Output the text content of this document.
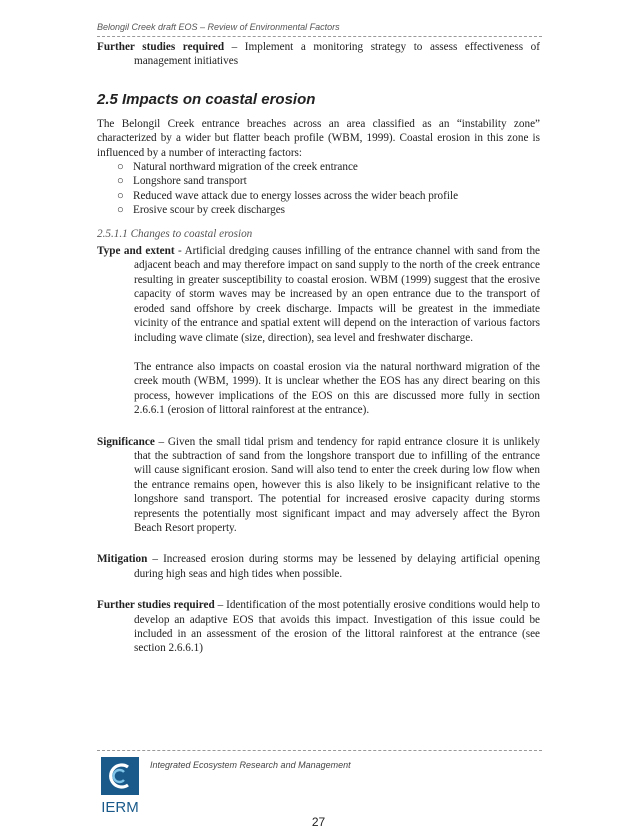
Belongil Creek draft EOS – Review of Environmental Factors

Further studies required – Implement a monitoring strategy to assess effectiveness of management initiatives

2.5 Impacts on coastal erosion

The Belongil Creek entrance breaches across an area classified as an “instability zone” characterized by a wider but flatter beach profile (WBM, 1999). Coastal erosion in this zone is influenced by a number of interacting factors:

○ Natural northward migration of the creek entrance
○ Longshore sand transport
○ Reduced wave attack due to energy losses across the wider beach profile
○ Erosive scour by creek discharges
2.5.1.1 Changes to coastal erosion

Type and extent - Artificial dredging causes infilling of the entrance channel with sand from the adjacent beach and may therefore impact on sand supply to the north of the creek entrance resulting in greater susceptibility to coastal erosion. WBM (1999) suggest that the erosive capacity of storm waves may be increased by an open entrance due to the transport of eroded sand offshore by creek discharge. Impacts will be greatest in the immediate vicinity of the entrance and spatial extent will depend on the interaction of various factors including wave climate (size, direction), sea level and freshwater discharge.

The entrance also impacts on coastal erosion via the natural northward migration of the creek mouth (WBM, 1999). It is unclear whether the EOS has any direct bearing on this process, however implications of the EOS on this are discussed more fully in section 2.6.6.1 (erosion of littoral rainforest at the entrance).

Significance – Given the small tidal prism and tendency for rapid entrance closure it is unlikely that the subtraction of sand from the longshore transport due to infilling of the entrance will cause significant erosion. Sand will also tend to enter the creek during low flow when the entrance remains open, however this is also likely to be insignificant relative to the longshore sand transport. The potential for increased erosive capacity during storms represents the potentially most significant impact and may adversely affect the Byron Beach Resort property.

Mitigation – Increased erosion during storms may be lessened by delaying artificial opening during high seas and high tides when possible.

Further studies required – Identification of the most potentially erosive conditions would help to develop an adaptive EOS that avoids this impact. Investigation of this issue could be included in an assessment of the erosion of the littoral rainforest at the entrance (see section 2.6.6.1)

IERM
Integrated Ecosystem Research and Management
27
